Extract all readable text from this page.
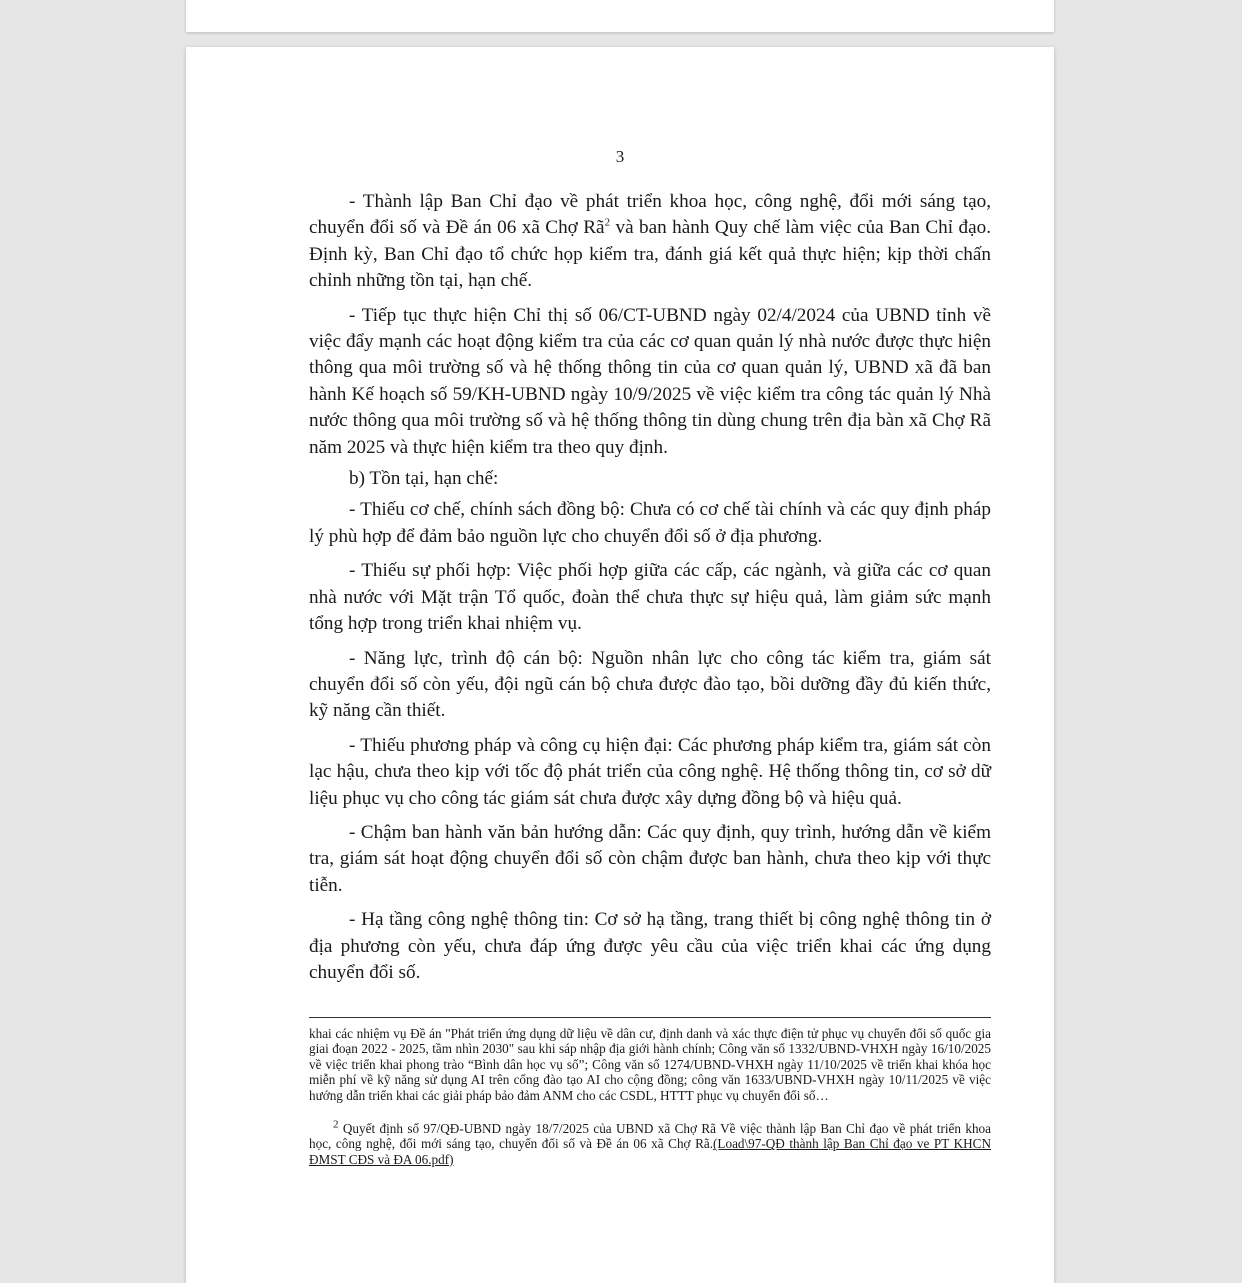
3

- Thành lập Ban Chỉ đạo về phát triển khoa học, công nghệ, đổi mới sáng tạo, chuyển đổi số và Đề án 06 xã Chợ Rã$^2$ và ban hành Quy chế làm việc của Ban Chỉ đạo. Định kỳ, Ban Chỉ đạo tổ chức họp kiểm tra, đánh giá kết quả thực hiện; kịp thời chấn chỉnh những tồn tại, hạn chế.

- Tiếp tục thực hiện Chỉ thị số 06/CT-UBND ngày 02/4/2024 của UBND tỉnh về việc đẩy mạnh các hoạt động kiểm tra của các cơ quan quản lý nhà nước được thực hiện thông qua môi trường số và hệ thống thông tin của cơ quan quản lý, UBND xã đã ban hành Kế hoạch số 59/KH-UBND ngày 10/9/2025 về việc kiểm tra công tác quản lý Nhà nước thông qua môi trường số và hệ thống thông tin dùng chung trên địa bàn xã Chợ Rã năm 2025 và thực hiện kiểm tra theo quy định.

b) Tồn tại, hạn chế:

- Thiếu cơ chế, chính sách đồng bộ: Chưa có cơ chế tài chính và các quy định pháp lý phù hợp để đảm bảo nguồn lực cho chuyển đổi số ở địa phương.

- Thiếu sự phối hợp: Việc phối hợp giữa các cấp, các ngành, và giữa các cơ quan nhà nước với Mặt trận Tổ quốc, đoàn thể chưa thực sự hiệu quả, làm giảm sức mạnh tổng hợp trong triển khai nhiệm vụ.

- Năng lực, trình độ cán bộ: Nguồn nhân lực cho công tác kiểm tra, giám sát chuyển đổi số còn yếu, đội ngũ cán bộ chưa được đào tạo, bồi dưỡng đầy đủ kiến thức, kỹ năng cần thiết.

- Thiếu phương pháp và công cụ hiện đại: Các phương pháp kiểm tra, giám sát còn lạc hậu, chưa theo kịp với tốc độ phát triển của công nghệ. Hệ thống thông tin, cơ sở dữ liệu phục vụ cho công tác giám sát chưa được xây dựng đồng bộ và hiệu quả.

- Chậm ban hành văn bản hướng dẫn: Các quy định, quy trình, hướng dẫn về kiểm tra, giám sát hoạt động chuyển đổi số còn chậm được ban hành, chưa theo kịp với thực tiễn.

- Hạ tầng công nghệ thông tin: Cơ sở hạ tầng, trang thiết bị công nghệ thông tin ở địa phương còn yếu, chưa đáp ứng được yêu cầu của việc triển khai các ứng dụng chuyển đổi số.

khai các nhiệm vụ Đề án "Phát triển ứng dụng dữ liệu về dân cư, định danh và xác thực điện tử phục vụ chuyển đổi số quốc gia giai đoạn 2022 - 2025, tầm nhìn 2030" sau khi sáp nhập địa giới hành chính; Công văn số 1332/UBND-VHXH ngày 16/10/2025 về việc triển khai phong trào “Bình dân học vụ số”; Công văn số 1274/UBND-VHXH ngày 11/10/2025 về triển khai khóa học miễn phí về kỹ năng sử dụng AI trên cổng đào tạo AI cho cộng đồng; công văn 1633/UBND-VHXH ngày 10/11/2025 về việc hướng dẫn triển khai các giải pháp bảo đảm ANM cho các CSDL, HTTT phục vụ chuyển đổi số…

$^2$ Quyết định số 97/QĐ-UBND ngày 18/7/2025 của UBND xã Chợ Rã Về việc thành lập Ban Chỉ đạo về phát triển khoa học, công nghệ, đổi mới sáng tạo, chuyển đổi số và Đề án 06 xã Chợ Rã.(Load\97-QĐ thành lập Ban Chỉ đạo ve PT KHCN ĐMST CĐS và ĐA 06.pdf)
